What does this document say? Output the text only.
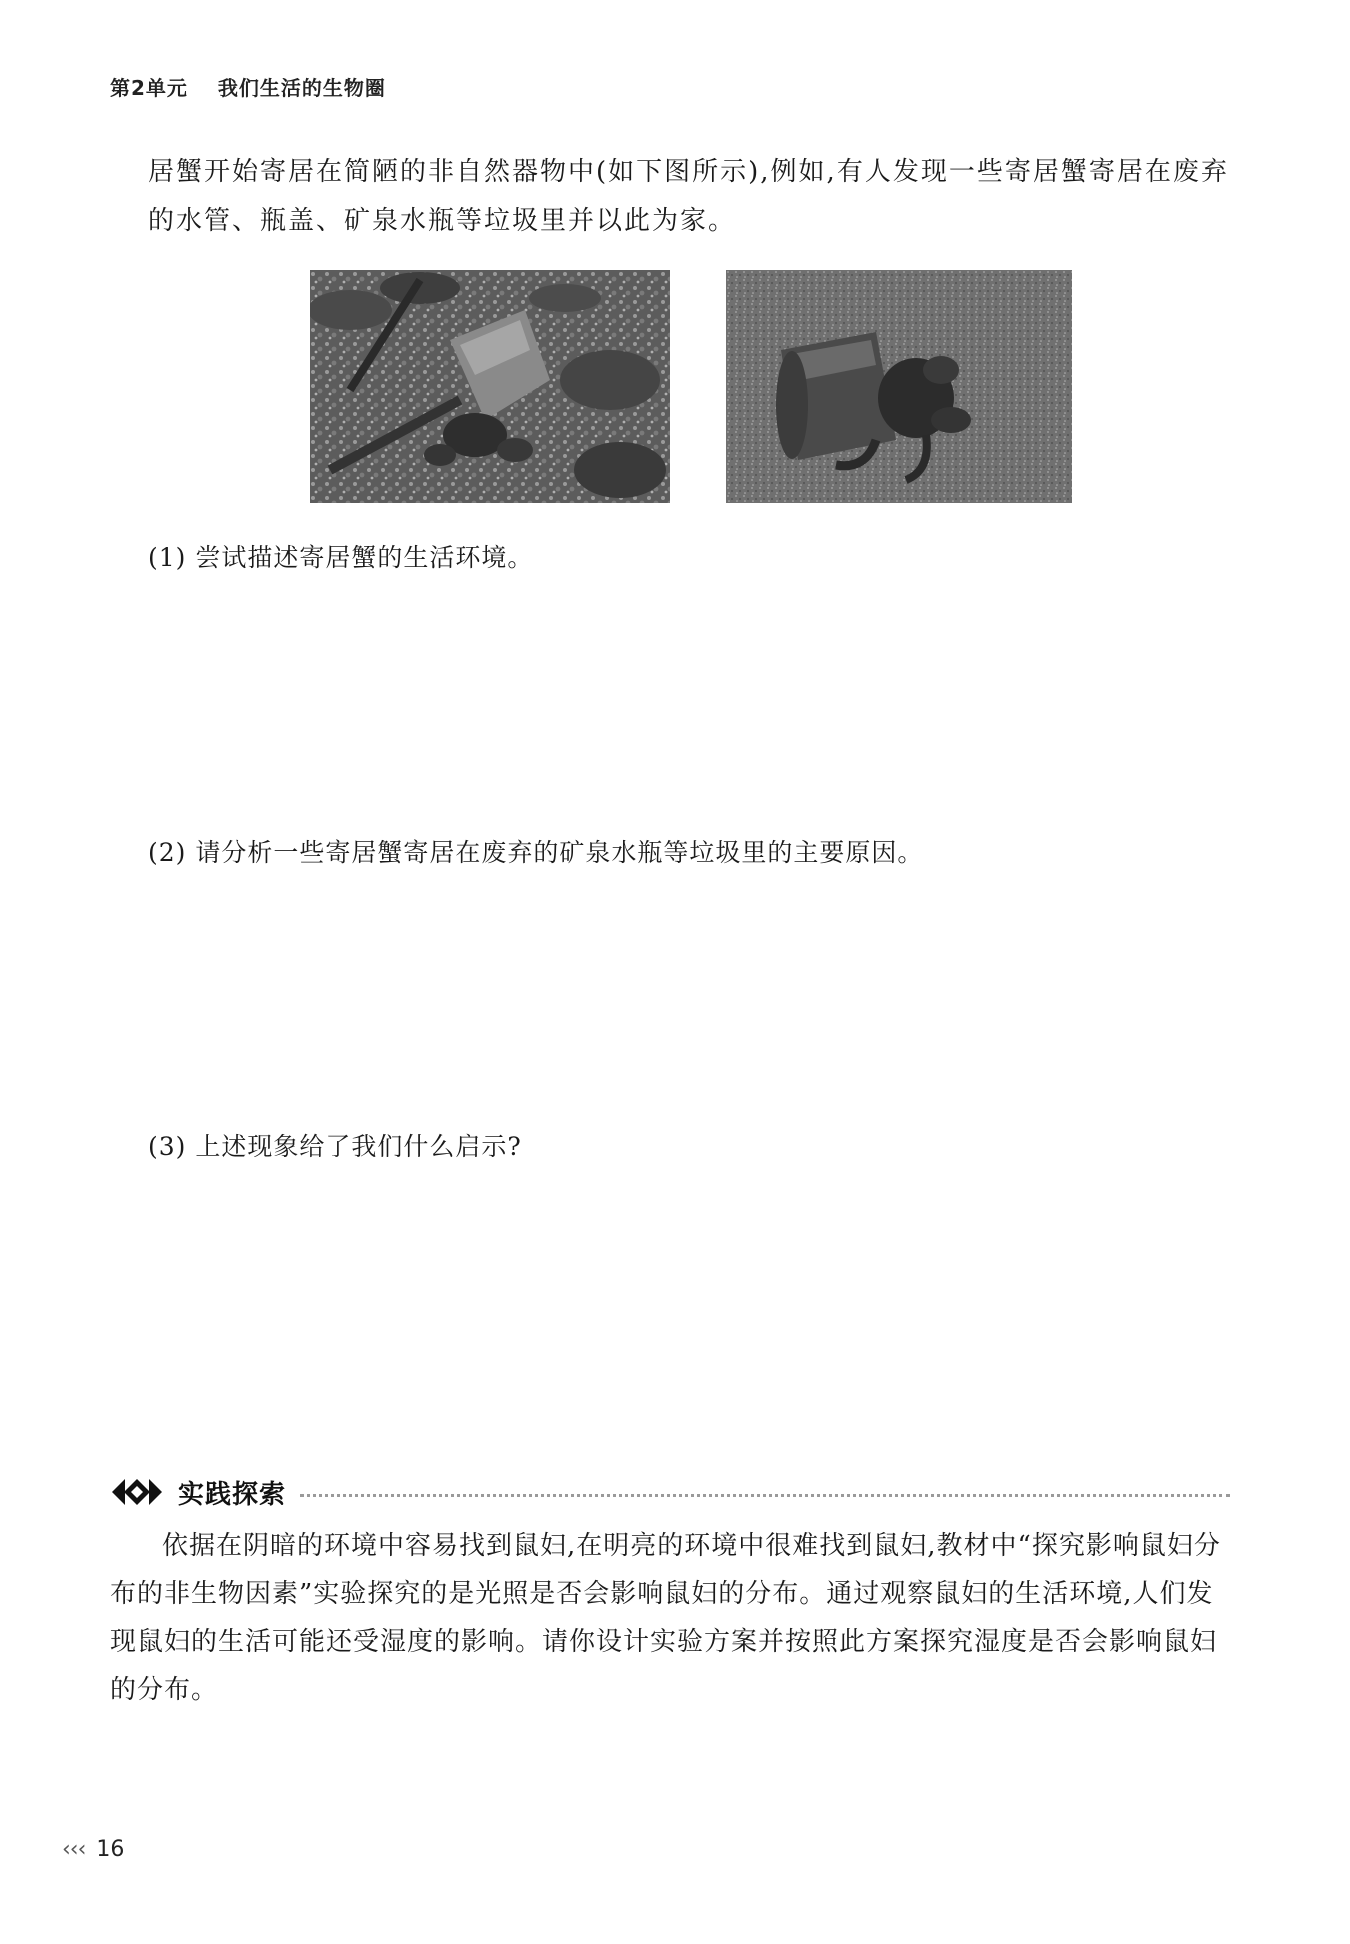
第2单元 我们生活的生物圈

居蟹开始寄居在简陋的非自然器物中(如下图所示),例如,有人发现一些寄居蟹寄居在废弃的水管、瓶盖、矿泉水瓶等垃圾里并以此为家。

(1) 尝试描述寄居蟹的生活环境。

(2) 请分析一些寄居蟹寄居在废弃的矿泉水瓶等垃圾里的主要原因。

(3) 上述现象给了我们什么启示?

实践探索

依据在阴暗的环境中容易找到鼠妇,在明亮的环境中很难找到鼠妇,教材中“探究影响鼠妇分布的非生物因素”实验探究的是光照是否会影响鼠妇的分布。通过观察鼠妇的生活环境,人们发现鼠妇的生活可能还受湿度的影响。请你设计实验方案并按照此方案探究湿度是否会影响鼠妇的分布。

‹‹‹ 16
